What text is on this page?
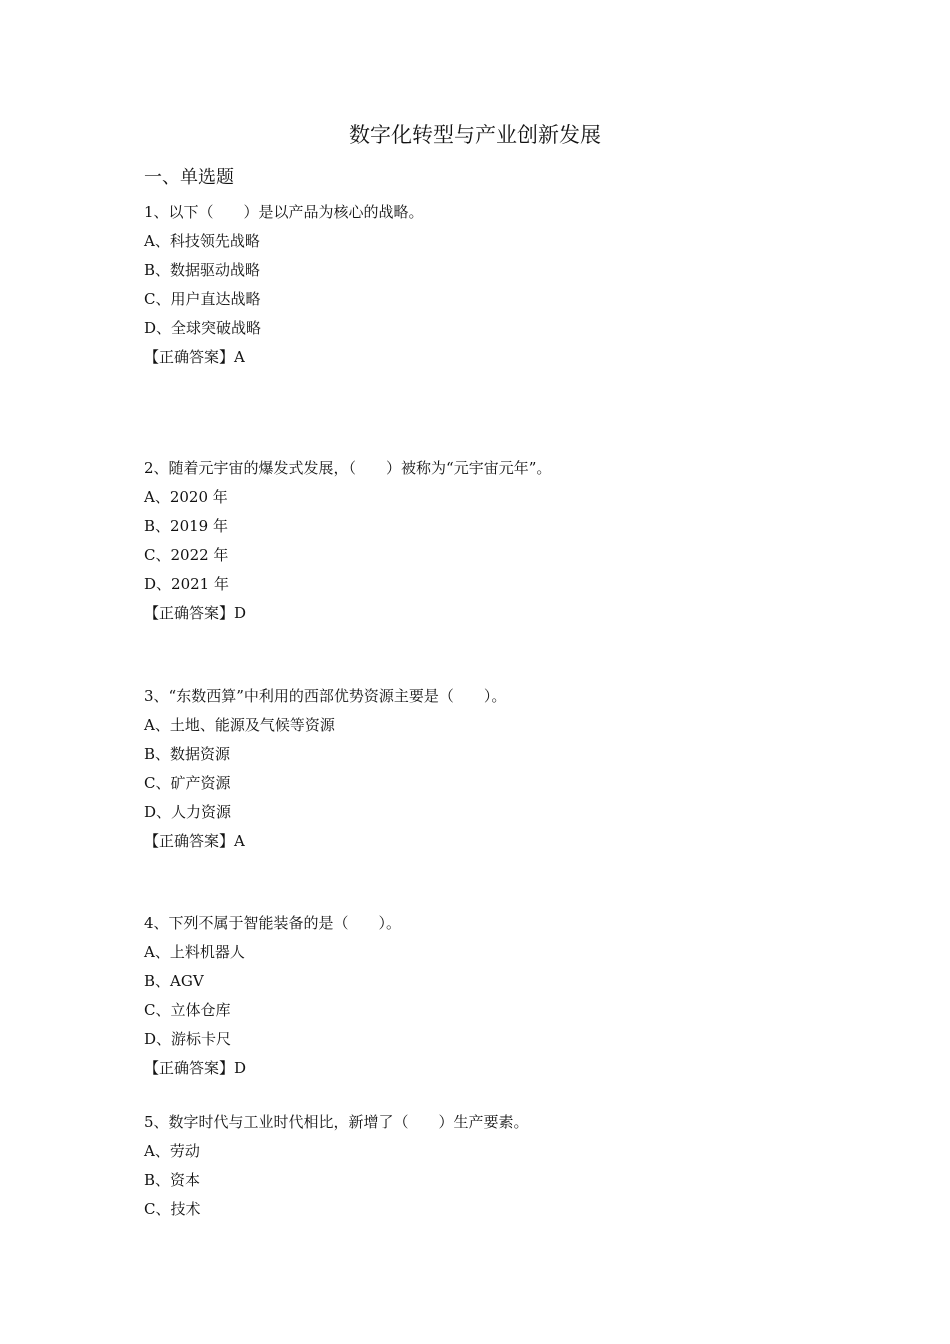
数字化转型与产业创新发展
一、单选题
1、以下（　　）是以产品为核心的战略。
A、科技领先战略
B、数据驱动战略
C、用户直达战略
D、全球突破战略
【正确答案】A
2、随着元宇宙的爆发式发展，（　　）被称为“元宇宙元年”。
A、2020 年
B、2019 年
C、2022 年
D、2021 年
【正确答案】D
3、“东数西算”中利用的西部优势资源主要是（　　）。
A、土地、能源及气候等资源
B、数据资源
C、矿产资源
D、人力资源
【正确答案】A
4、下列不属于智能装备的是（　　）。
A、上料机器人
B、AGV
C、立体仓库
D、游标卡尺
【正确答案】D
5、数字时代与工业时代相比，新增了（　　）生产要素。
A、劳动
B、资本
C、技术
